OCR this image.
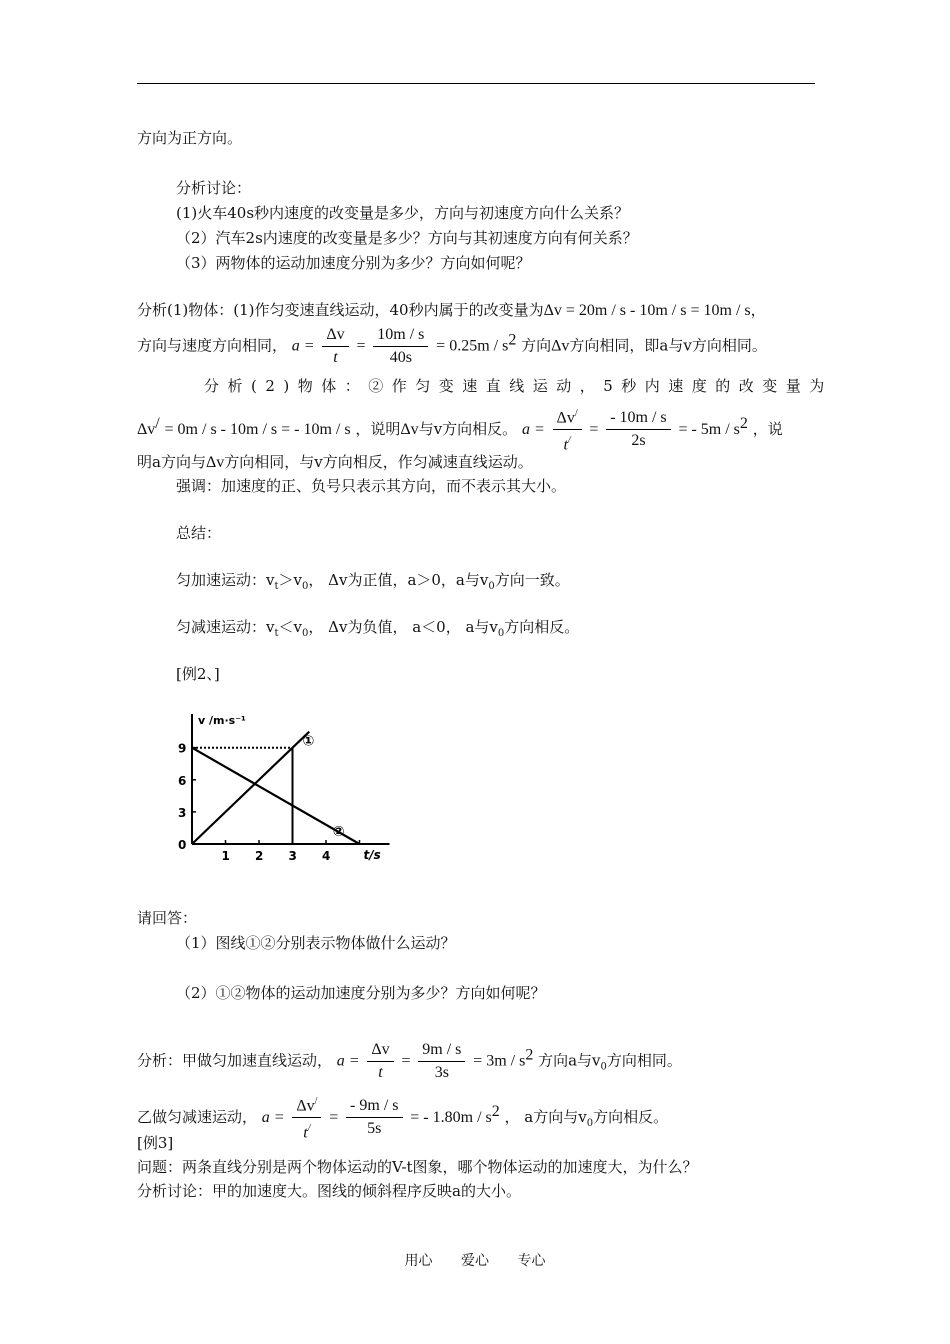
方向为正方向。
分析讨论：
(1)火车40s秒内速度的改变量是多少，方向与初速度方向什么关系？
（2）汽车2s内速度的改变量是多少？方向与其初速度方向有何关系？
（3）两物体的运动加速度分别为多少？方向如何呢？
分析(1)物体：(1)作匀变速直线运动，40秒内属于的改变量为Δv = 20m / s - 10m / s = 10m / s，
方向与速度方向相同， $a = \frac{\Delta v}{t} = \frac{10m / s}{40s} = 0.25m / s^2$ 方向Δv方向相同，即a与v方向相同。
分析(2)物体：②作匀变速直线运动，5秒内速度的改变量为
Δv/ = 0m / s - 10m / s = - 10m / s ，说明Δv与v方向相反。 $a = \frac{\Delta v^/}{t^/} = \frac{- 10m / s}{2s}$ = - $5m / s^2$ ，说
明a方向与Δv方向相同，与v方向相反，作匀减速直线运动。
强调：加速度的正、负号只表示其方向，而不表示其大小。
总结：
匀加速运动：$v_t>v_0$， Δv为正值，a＞0，a与$v_0$方向一致。
匀减速运动：$v_t<v_0$， Δv为负值， a＜0， a与$v_0$方向相反。
[例2、]
v /m·s⁻¹
t/s
0
3
6
9
1 2 3 4
①
②
请回答：
（1）图线①②分别表示物体做什么运动？
（2）①②物体的运动加速度分别为多少？方向如何呢？
分析：甲做匀加速直线运动， $a = \frac{\Delta v}{t} = \frac{9m / s}{3s} = 3m / s^2$ 方向a与$v_0$方向相同。
乙做匀减速运动， $a = \frac{\Delta v^/}{t^/} = \frac{- 9m / s}{5s}$ = - $1.80m / s^2$ ， a方向与$v_0$方向相反。
[例3]
问题：两条直线分别是两个物体运动的V-t图象，哪个物体运动的加速度大，为什么？
分析讨论：甲的加速度大。图线的倾斜程序反映a的大小。
用心 爱心 专心
